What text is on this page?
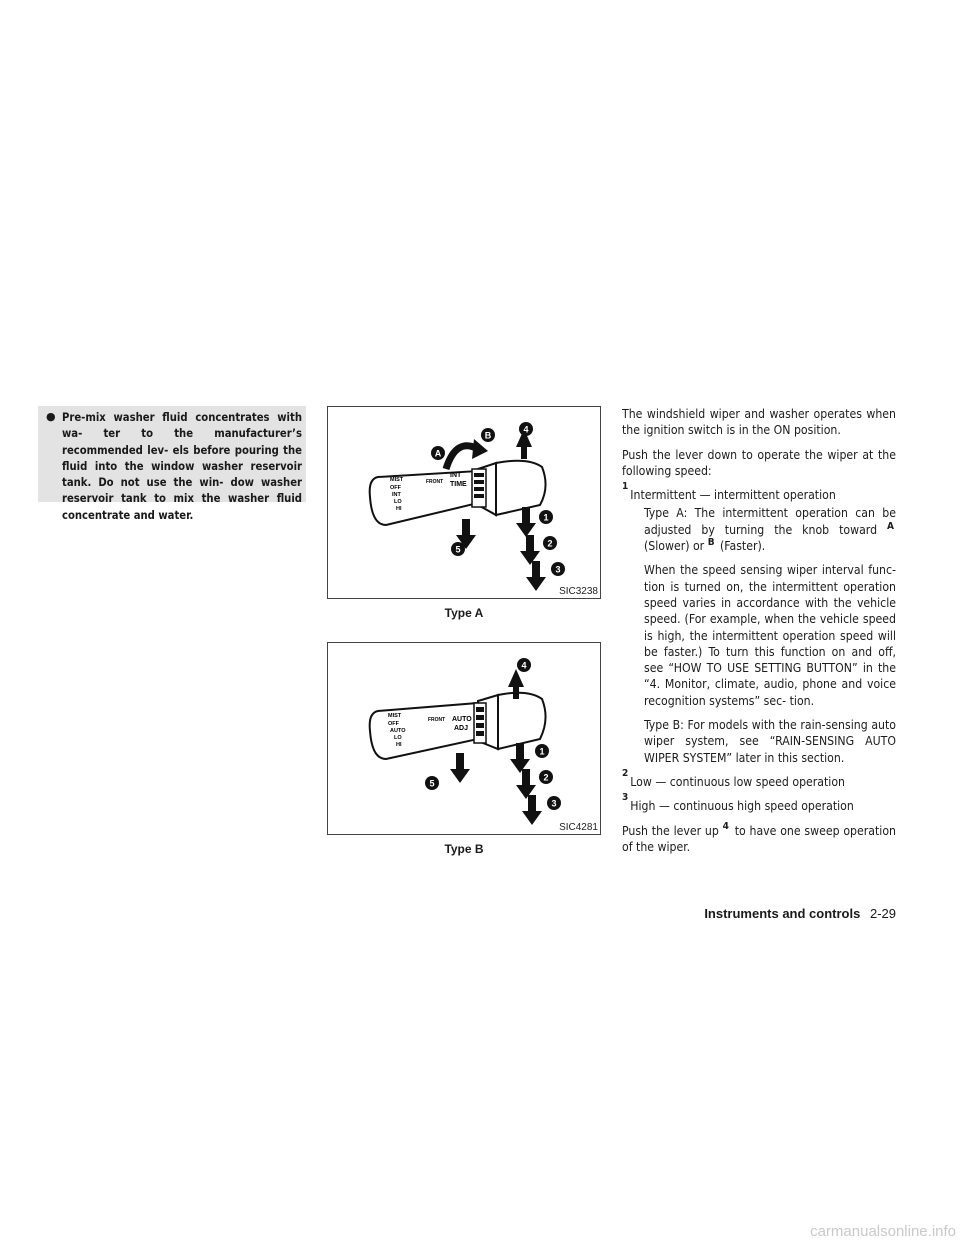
● Pre-mix washer fluid concentrates with wa- ter to the manufacturer’s recommended lev- els before pouring the fluid into the window washer reservoir tank. Do not use the win- dow washer reservoir tank to mix the washer fluid concentrate and water.
INT
TIME
FRONT
MIST
OFF
INT
LO
HI
A
B
1
2
3
4
5
SIC3238
Type A
AUTO
ADJ
FRONT
MIST
OFF
AUTO
LO
HI
1
2
3
4
5
SIC4281
Type B

The windshield wiper and washer operates when the ignition switch is in the ON position.

Push the lever down to operate the wiper at the following speed:

1
Intermittent — intermittent operation

Type A: The intermittent operation can be adjusted by turning the knob toward A (Slower) or B (Faster).

When the speed sensing wiper interval func- tion is turned on, the intermittent operation speed varies in accordance with the vehicle speed. (For example, when the vehicle speed is high, the intermittent operation speed will be faster.) To turn this function on and off, see “HOW TO USE SETTING BUTTON” in the “4. Monitor, climate, audio, phone and voice recognition systems” sec- tion.

Type B: For models with the rain-sensing auto wiper system, see “RAIN-SENSING AUTO WIPER SYSTEM” later in this section.

2
Low — continuous low speed operation
3
High — continuous high speed operation

Push the lever up 4 to have one sweep operation of the wiper.

Instruments and controls 2-29
carmanualsonline.info
